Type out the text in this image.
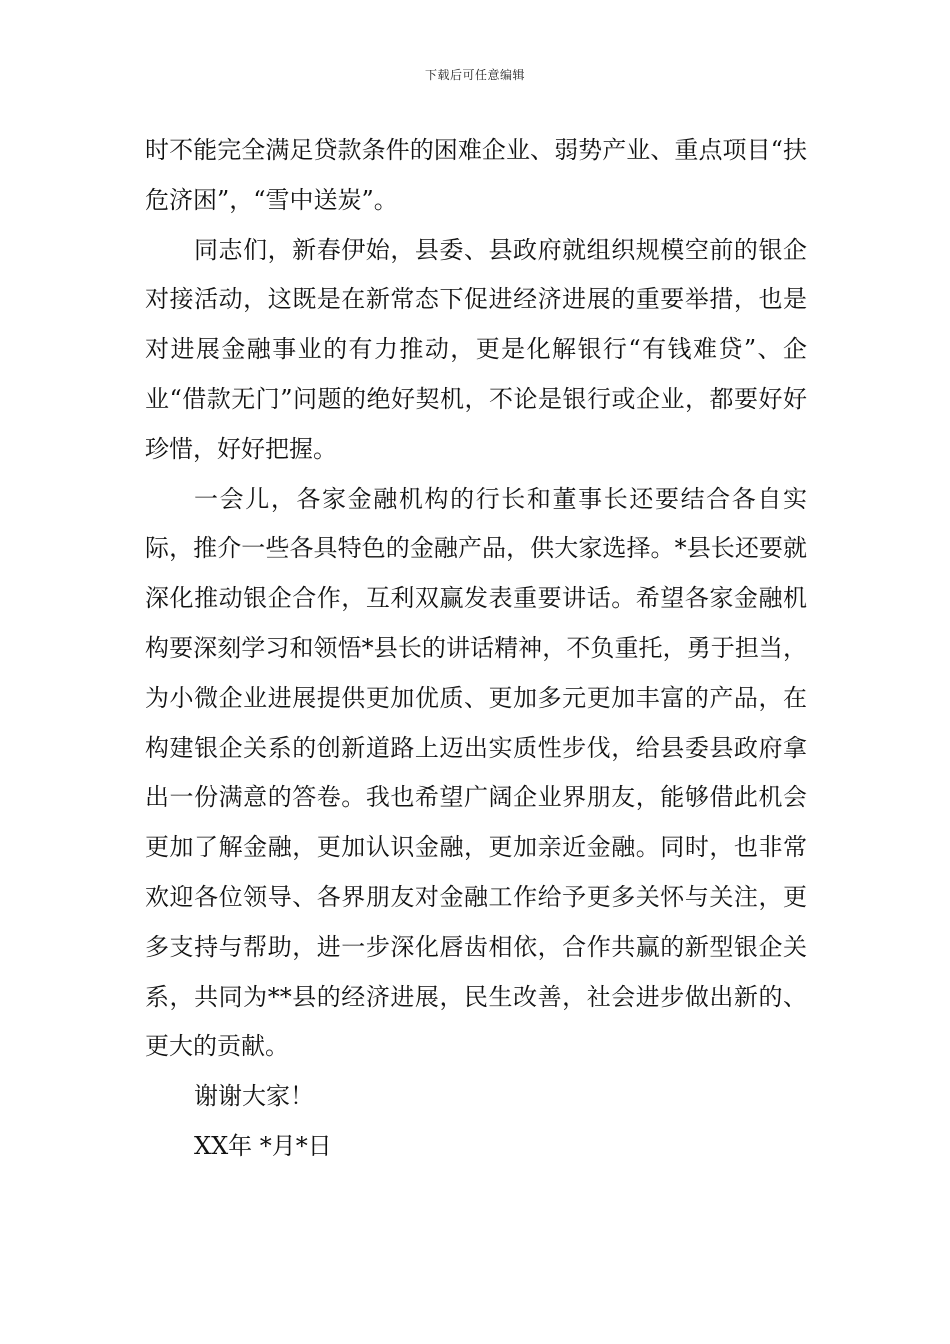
下载后可任意编辑

时不能完全满足贷款条件的困难企业、弱势产业、重点项目“扶危济困”，“雪中送炭”。

同志们，新春伊始，县委、县政府就组织规模空前的银企对接活动，这既是在新常态下促进经济进展的重要举措，也是对进展金融事业的有力推动，更是化解银行“有钱难贷”、企业“借款无门”问题的绝好契机，不论是银行或企业，都要好好珍惜，好好把握。

一会儿，各家金融机构的行长和董事长还要结合各自实际，推介一些各具特色的金融产品，供大家选择。*县长还要就深化推动银企合作，互利双赢发表重要讲话。希望各家金融机构要深刻学习和领悟*县长的讲话精神，不负重托，勇于担当，为小微企业进展提供更加优质、更加多元更加丰富的产品，在构建银企关系的创新道路上迈出实质性步伐，给县委县政府拿出一份满意的答卷。我也希望广阔企业界朋友，能够借此机会更加了解金融，更加认识金融，更加亲近金融。同时，也非常欢迎各位领导、各界朋友对金融工作给予更多关怀与关注，更多支持与帮助，进一步深化唇齿相依，合作共赢的新型银企关系，共同为**县的经济进展，民生改善，社会进步做出新的、更大的贡献。

谢谢大家！

XX年 *月*日
